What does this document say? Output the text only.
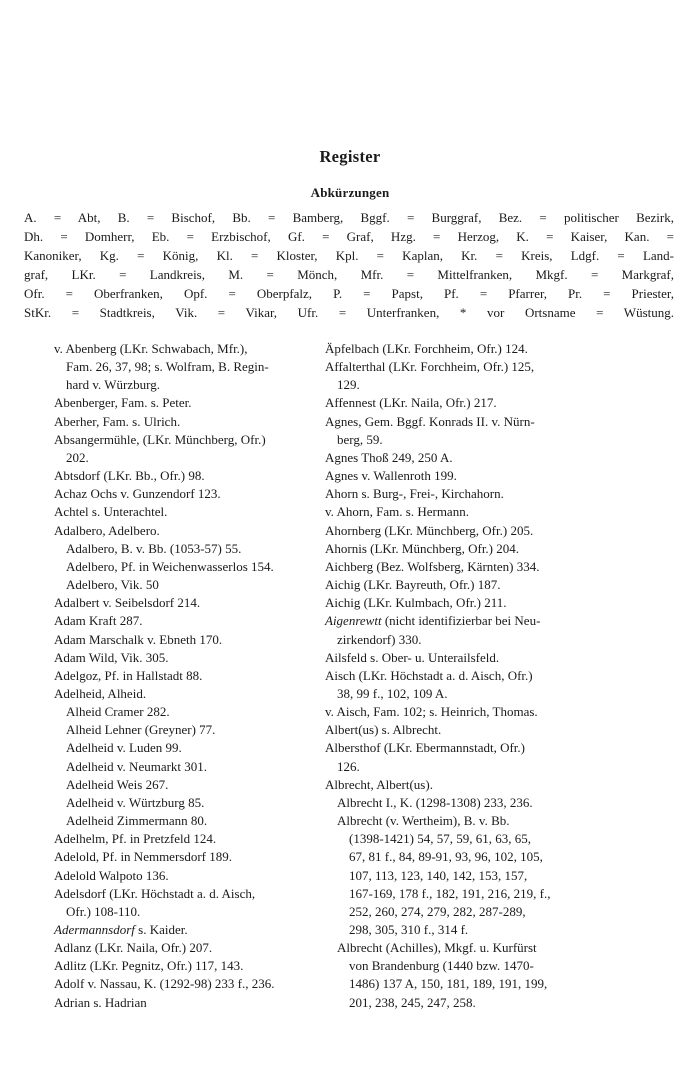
Register
Abkürzungen
A. = Abt, B. = Bischof, Bb. = Bamberg, Bggf. = Burggraf, Bez. = politischer Bezirk,
Dh. = Domherr, Eb. = Erzbischof, Gf. = Graf, Hzg. = Herzog, K. = Kaiser, Kan. =
Kanoniker, Kg. = König, Kl. = Kloster, Kpl. = Kaplan, Kr. = Kreis, Ldgf. = Land-
graf, LKr. = Landkreis, M. = Mönch, Mfr. = Mittelfranken, Mkgf. = Markgraf,
Ofr. = Oberfranken, Opf. = Oberpfalz, P. = Papst, Pf. = Pfarrer, Pr. = Priester,
StKr. = Stadtkreis, Vik. = Vikar, Ufr. = Unterfranken, * vor Ortsname = Wüstung.
v. Abenberg (LKr. Schwabach, Mfr.),
Fam. 26, 37, 98; s. Wolfram, B. Regin-
hard v. Würzburg.
Abenberger, Fam. s. Peter.
Aberher, Fam. s. Ulrich.
Absangermühle, (LKr. Münchberg, Ofr.)
202.
Abtsdorf (LKr. Bb., Ofr.) 98.
Achaz Ochs v. Gunzendorf 123.
Achtel s. Unterachtel.
Adalbero, Adelbero.
Adalbero, B. v. Bb. (1053-57) 55.
Adelbero, Pf. in Weichenwasserlos 154.
Adelbero, Vik. 50
Adalbert v. Seibelsdorf 214.
Adam Kraft 287.
Adam Marschalk v. Ebneth 170.
Adam Wild, Vik. 305.
Adelgoz, Pf. in Hallstadt 88.
Adelheid, Alheid.
Alheid Cramer 282.
Alheid Lehner (Greyner) 77.
Adelheid v. Luden 99.
Adelheid v. Neumarkt 301.
Adelheid Weis 267.
Adelheid v. Würtzburg 85.
Adelheid Zimmermann 80.
Adelhelm, Pf. in Pretzfeld 124.
Adelold, Pf. in Nemmersdorf 189.
Adelold Walpoto 136.
Adelsdorf (LKr. Höchstadt a. d. Aisch,
Ofr.) 108-110.
Adermannsdorf s. Kaider.
Adlanz (LKr. Naila, Ofr.) 207.
Adlitz (LKr. Pegnitz, Ofr.) 117, 143.
Adolf v. Nassau, K. (1292-98) 233 f., 236.
Adrian s. Hadrian
Äpfelbach (LKr. Forchheim, Ofr.) 124.
Affalterthal (LKr. Forchheim, Ofr.) 125,
129.
Affennest (LKr. Naila, Ofr.) 217.
Agnes, Gem. Bggf. Konrads II. v. Nürn-
berg, 59.
Agnes Thoß 249, 250 A.
Agnes v. Wallenroth 199.
Ahorn s. Burg-, Frei-, Kirchahorn.
v. Ahorn, Fam. s. Hermann.
Ahornberg (LKr. Münchberg, Ofr.) 205.
Ahornis (LKr. Münchberg, Ofr.) 204.
Aichberg (Bez. Wolfsberg, Kärnten) 334.
Aichig (LKr. Bayreuth, Ofr.) 187.
Aichig (LKr. Kulmbach, Ofr.) 211.
Aigenrewtt (nicht identifizierbar bei Neu-
zirkendorf) 330.
Ailsfeld s. Ober- u. Unterailsfeld.
Aisch (LKr. Höchstadt a. d. Aisch, Ofr.)
38, 99 f., 102, 109 A.
v. Aisch, Fam. 102; s. Heinrich, Thomas.
Albert(us) s. Albrecht.
Albersthof (LKr. Ebermannstadt, Ofr.)
126.
Albrecht, Albert(us).
Albrecht I., K. (1298-1308) 233, 236.
Albrecht (v. Wertheim), B. v. Bb.
(1398-1421) 54, 57, 59, 61, 63, 65,
67, 81 f., 84, 89-91, 93, 96, 102, 105,
107, 113, 123, 140, 142, 153, 157,
167-169, 178 f., 182, 191, 216, 219, f.,
252, 260, 274, 279, 282, 287-289,
298, 305, 310 f., 314 f.
Albrecht (Achilles), Mkgf. u. Kurfürst
von Brandenburg (1440 bzw. 1470-
1486) 137 A, 150, 181, 189, 191, 199,
201, 238, 245, 247, 258.
